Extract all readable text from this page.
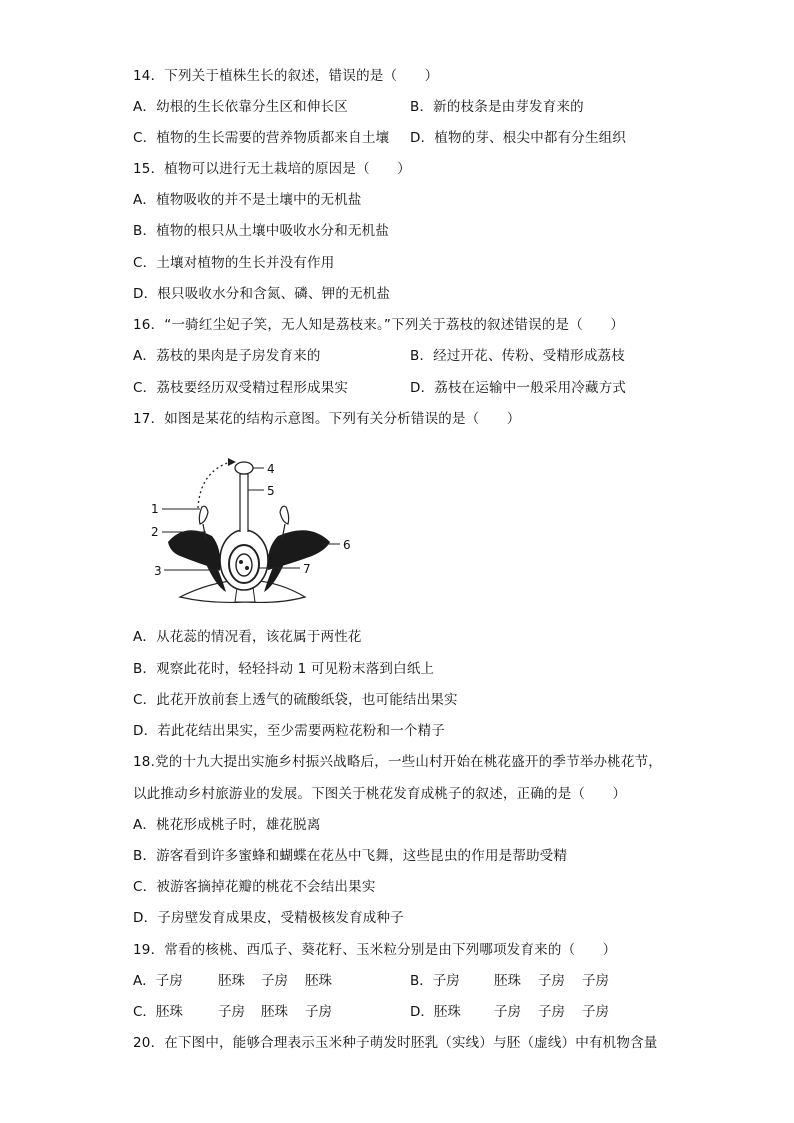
14．下列关于植株生长的叙述，错误的是（　　）
A．幼根的生长依靠分生区和伸长区	B．新的枝条是由芽发育来的
C．植物的生长需要的营养物质都来自土壤 D．植物的芽、根尖中都有分生组织
15．植物可以进行无土栽培的原因是（　　）
A．植物吸收的并不是土壤中的无机盐
B．植物的根只从土壤中吸收水分和无机盐
C．土壤对植物的生长并没有作用
D．根只吸收水分和含氮、磷、钾的无机盐
16．“一骑红尘妃子笑，无人知是荔枝来。”下列关于荔枝的叙述错误的是（　　）
A．荔枝的果肉是子房发育来的	B．经过开花、传粉、受精形成荔枝
C．荔枝要经历双受精过程形成果实	D．荔枝在运输中一般采用冷藏方式
17．如图是某花的结构示意图。下列有关分析错误的是（　　）
1
2
3
4
5
6
7
A．从花蕊的情况看，该花属于两性花
B．观察此花时，轻轻抖动 1 可见粉末落到白纸上
C．此花开放前套上透气的硫酸纸袋，也可能结出果实
D．若此花结出果实，至少需要两粒花粉和一个精子
18.党的十九大提出实施乡村振兴战略后，一些山村开始在桃花盛开的季节举办桃花节，
以此推动乡村旅游业的发展。下图关于桃花发育成桃子的叙述，正确的是（　　）
A．桃花形成桃子时，雄花脱离
B．游客看到许多蜜蜂和蝴蝶在花丛中飞舞，这些昆虫的作用是帮助受精
C．被游客摘掉花瓣的桃花不会结出果实
D．子房壁发育成果皮，受精极核发育成种子
19．常看的核桃、西瓜子、葵花籽、玉米粒分别是由下列哪项发育来的（　　）
A．子房	胚珠 子房 胚珠	B．子房	胚珠 子房 子房
C．胚珠	子房 胚珠 子房	D．胚珠 子房 子房 子房
20．在下图中，能够合理表示玉米种子萌发时胚乳（实线）与胚（虚线）中有机物含量
